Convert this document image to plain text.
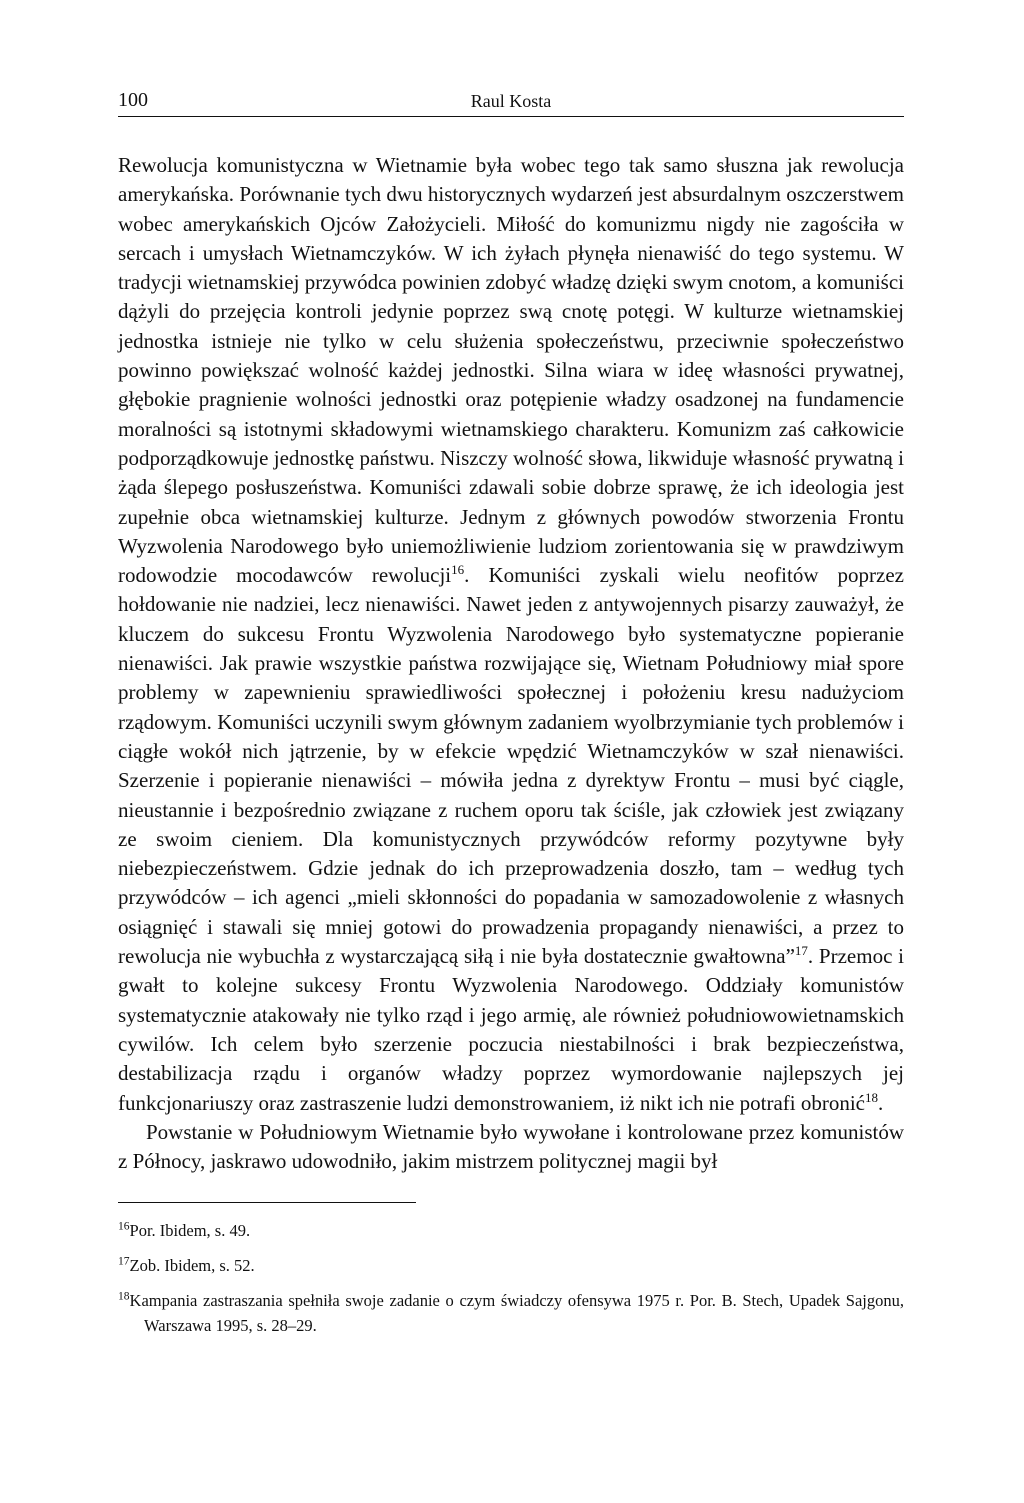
100	Raul Kosta

Rewolucja komunistyczna w Wietnamie była wobec tego tak samo słuszna jak rewolucja amerykańska. Porównanie tych dwu historycznych wydarzeń jest absurdalnym oszczerstwem wobec amerykańskich Ojców Założycieli. Miłość do komunizmu nigdy nie zagościła w sercach i umysłach Wietnamczyków. W ich żyłach płynęła nienawiść do tego systemu. W tradycji wietnamskiej przywódca powinien zdobyć władzę dzięki swym cnotom, a komuniści dążyli do przejęcia kontroli jedynie poprzez swą cnotę potęgi. W kulturze wietnamskiej jednostka istnieje nie tylko w celu służenia społeczeństwu, przeciwnie społeczeństwo powinno powiększać wolność każdej jednostki. Silna wiara w ideę własności prywatnej, głębokie pragnienie wolności jednostki oraz potępienie władzy osadzonej na fundamencie moralności są istotnymi składowymi wietnamskiego charakteru. Komunizm zaś całkowicie podporządkowuje jednostkę państwu. Niszczy wolność słowa, likwiduje własność prywatną i żąda ślepego posłuszeństwa. Komuniści zdawali sobie dobrze sprawę, że ich ideologia jest zupełnie obca wietnamskiej kulturze. Jednym z głównych powodów stworzenia Frontu Wyzwolenia Narodowego było uniemożliwienie ludziom zorientowania się w prawdziwym rodowodzie mocodawców rewolucji$^{16}$. Komuniści zyskali wielu neofitów poprzez hołdowanie nie nadziei, lecz nienawiści. Nawet jeden z antywojennych pisarzy zauważył, że kluczem do sukcesu Frontu Wyzwolenia Narodowego było systematyczne popieranie nienawiści. Jak prawie wszystkie państwa rozwijające się, Wietnam Południowy miał spore problemy w zapewnieniu sprawiedliwości społecznej i położeniu kresu nadużyciom rządowym. Komuniści uczynili swym głównym zadaniem wyolbrzymianie tych problemów i ciągłe wokół nich jątrzenie, by w efekcie wpędzić Wietnamczyków w szał nienawiści. Szerzenie i popieranie nienawiści – mówiła jedna z dyrektyw Frontu – musi być ciągle, nieustannie i bezpośrednio związane z ruchem oporu tak ściśle, jak człowiek jest związany ze swoim cieniem. Dla komunistycznych przywódców reformy pozytywne były niebezpieczeństwem. Gdzie jednak do ich przeprowadzenia doszło, tam – według tych przywódców – ich agenci „mieli skłonności do popadania w samozadowolenie z własnych osiągnięć i stawali się mniej gotowi do prowadzenia propagandy nienawiści, a przez to rewolucja nie wybuchła z wystarczającą siłą i nie była dostatecznie gwałtowna”$^{17}$. Przemoc i gwałt to kolejne sukcesy Frontu Wyzwolenia Narodowego. Oddziały komunistów systematycznie atakowały nie tylko rząd i jego armię, ale również południowowietnamskich cywilów. Ich celem było szerzenie poczucia niestabilności i brak bezpieczeństwa, destabilizacja rządu i organów władzy poprzez wymordowanie najlepszych jej funkcjonariuszy oraz zastraszenie ludzi demonstrowaniem, iż nikt ich nie potrafi obronić$^{18}$.

Powstanie w Południowym Wietnamie było wywołane i kontrolowane przez komunistów z Północy, jaskrawo udowodniło, jakim mistrzem politycznej magii był

$^{16}$Por. Ibidem, s. 49.

$^{17}$Zob. Ibidem, s. 52.

$^{18}$Kampania zastraszania spełniła swoje zadanie o czym świadczy ofensywa 1975 r. Por. B. Stech, Upadek Sajgonu, Warszawa 1995, s. 28–29.
